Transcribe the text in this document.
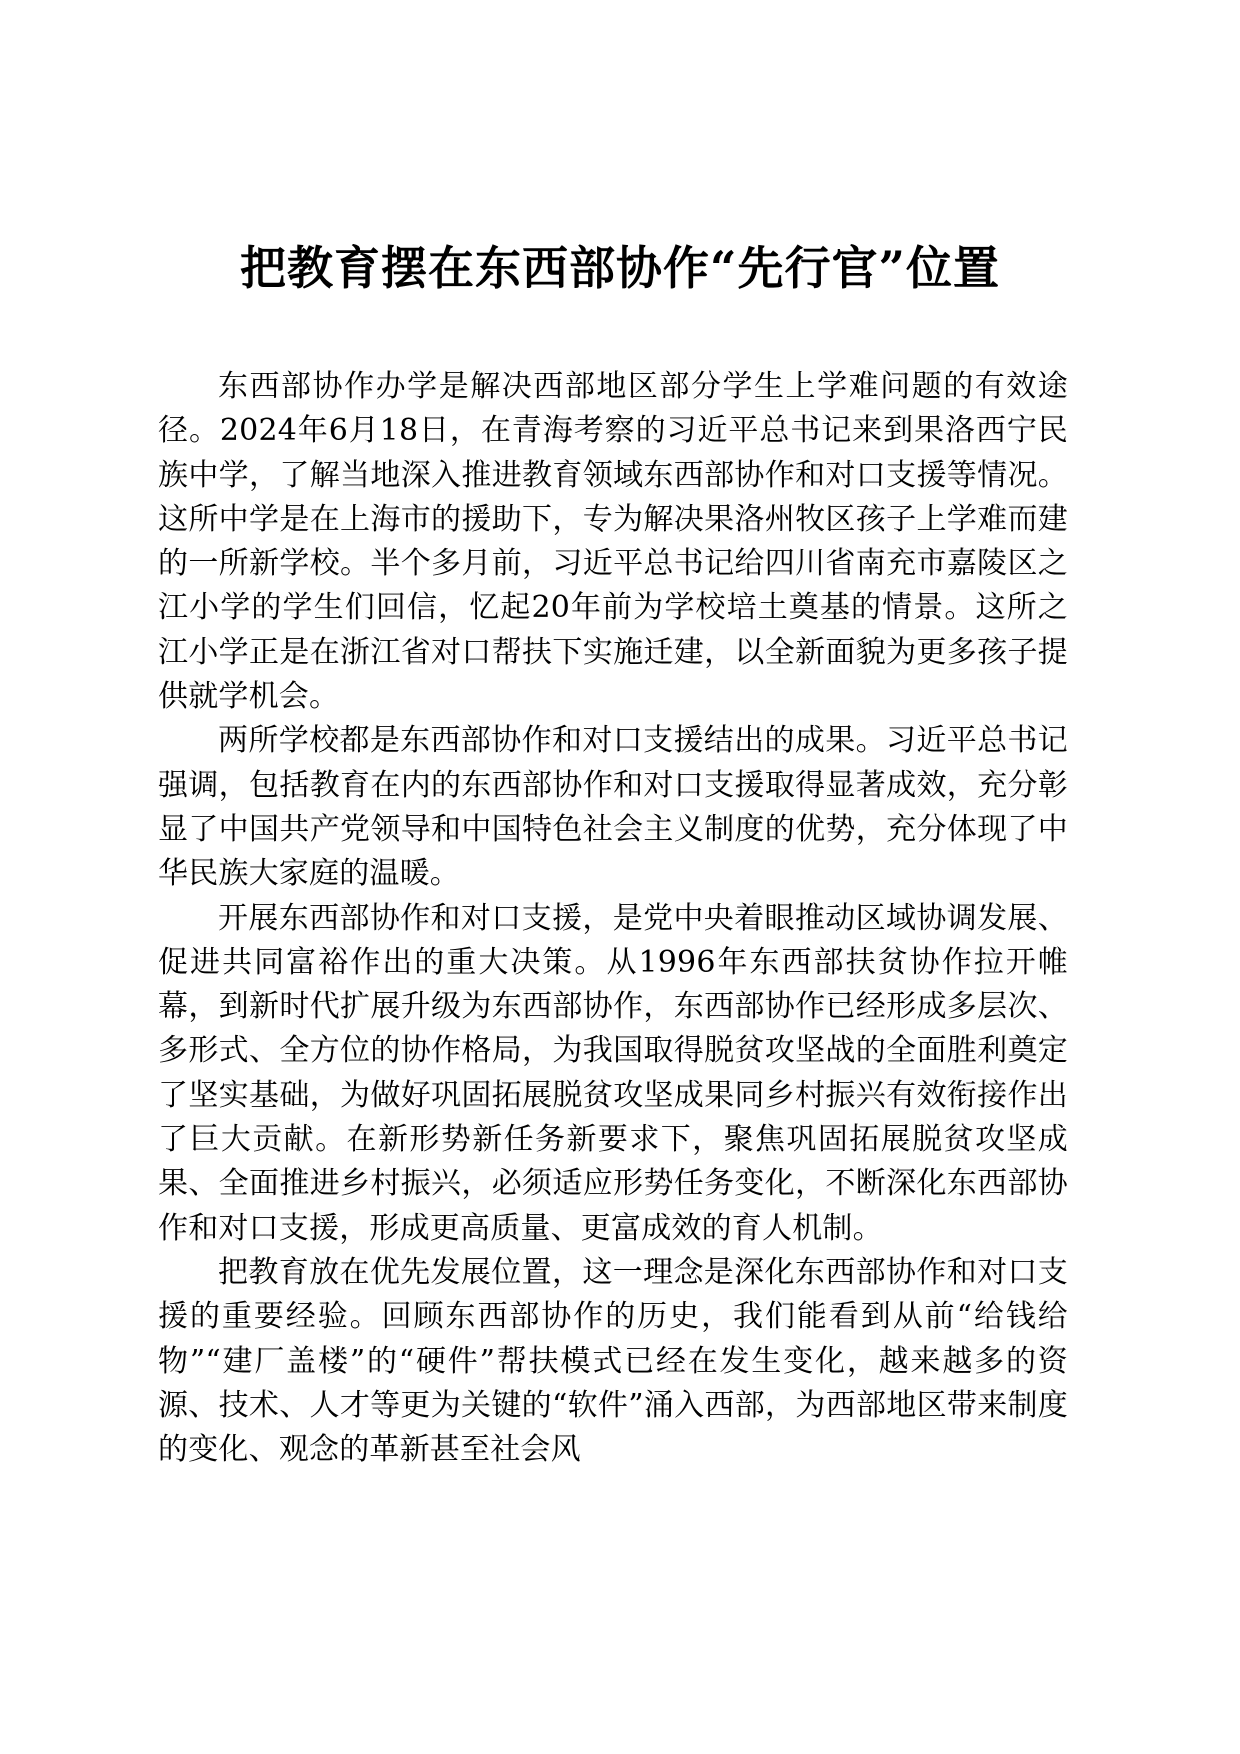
把教育摆在东西部协作“先行官”位置

东西部协作办学是解决西部地区部分学生上学难问题的有效途径。2024年6月18日，在青海考察的习近平总书记来到果洛西宁民族中学，了解当地深入推进教育领域东西部协作和对口支援等情况。这所中学是在上海市的援助下，专为解决果洛州牧区孩子上学难而建的一所新学校。半个多月前，习近平总书记给四川省南充市嘉陵区之江小学的学生们回信，忆起20年前为学校培土奠基的情景。这所之江小学正是在浙江省对口帮扶下实施迁建，以全新面貌为更多孩子提供就学机会。

两所学校都是东西部协作和对口支援结出的成果。习近平总书记强调，包括教育在内的东西部协作和对口支援取得显著成效，充分彰显了中国共产党领导和中国特色社会主义制度的优势，充分体现了中华民族大家庭的温暖。

开展东西部协作和对口支援，是党中央着眼推动区域协调发展、促进共同富裕作出的重大决策。从1996年东西部扶贫协作拉开帷幕，到新时代扩展升级为东西部协作，东西部协作已经形成多层次、多形式、全方位的协作格局，为我国取得脱贫攻坚战的全面胜利奠定了坚实基础，为做好巩固拓展脱贫攻坚成果同乡村振兴有效衔接作出了巨大贡献。在新形势新任务新要求下，聚焦巩固拓展脱贫攻坚成果、全面推进乡村振兴，必须适应形势任务变化，不断深化东西部协作和对口支援，形成更高质量、更富成效的育人机制。

把教育放在优先发展位置，这一理念是深化东西部协作和对口支援的重要经验。回顾东西部协作的历史，我们能看到从前“给钱给物”“建厂盖楼”的“硬件”帮扶模式已经在发生变化，越来越多的资源、技术、人才等更为关键的“软件”涌入西部，为西部地区带来制度的变化、观念的革新甚至社会风
